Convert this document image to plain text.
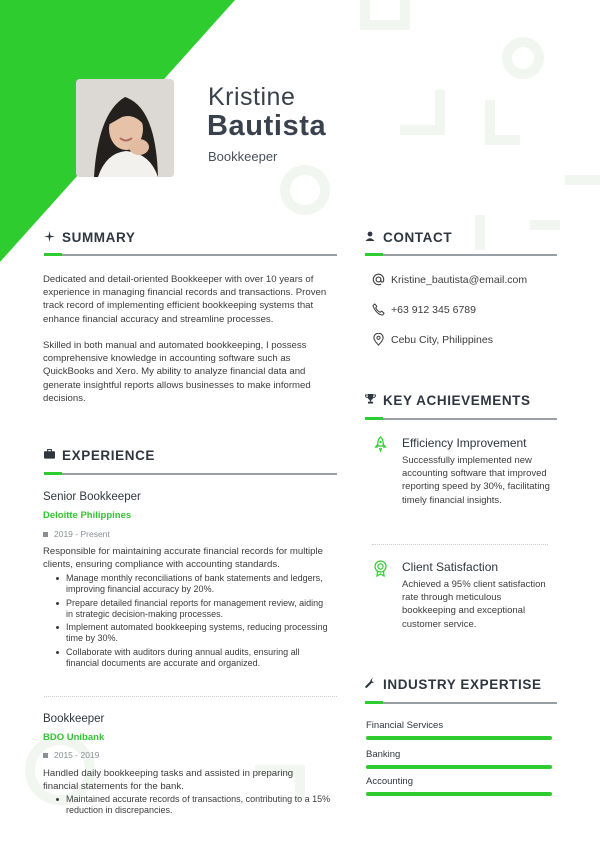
Kristine
Bautista
Bookkeeper
SUMMARY
Dedicated and detail-oriented Bookkeeper with over 10 years of experience in managing financial records and transactions. Proven track record of implementing efficient bookkeeping systems that enhance financial accuracy and streamline processes.
Skilled in both manual and automated bookkeeping, I possess comprehensive knowledge in accounting software such as QuickBooks and Xero. My ability to analyze financial data and generate insightful reports allows businesses to make informed decisions.
EXPERIENCE
Senior Bookkeeper
Deloitte Philippines
2019 - Present
Responsible for maintaining accurate financial records for multiple clients, ensuring compliance with accounting standards.
Manage monthly reconciliations of bank statements and ledgers, improving financial accuracy by 20%.
Prepare detailed financial reports for management review, aiding in strategic decision-making processes.
Implement automated bookkeeping systems, reducing processing time by 30%.
Collaborate with auditors during annual audits, ensuring all financial documents are accurate and organized.
Bookkeeper
BDO Unibank
2015 - 2019
Handled daily bookkeeping tasks and assisted in preparing financial statements for the bank.
Maintained accurate records of transactions, contributing to a 15% reduction in discrepancies.
CONTACT
Kristine_bautista@email.com
+63 912 345 6789
Cebu City, Philippines
KEY ACHIEVEMENTS
Efficiency Improvement
Successfully implemented new accounting software that improved reporting speed by 30%, facilitating timely financial insights.
Client Satisfaction
Achieved a 95% client satisfaction rate through meticulous bookkeeping and exceptional customer service.
INDUSTRY EXPERTISE
Financial Services
Banking
Accounting
